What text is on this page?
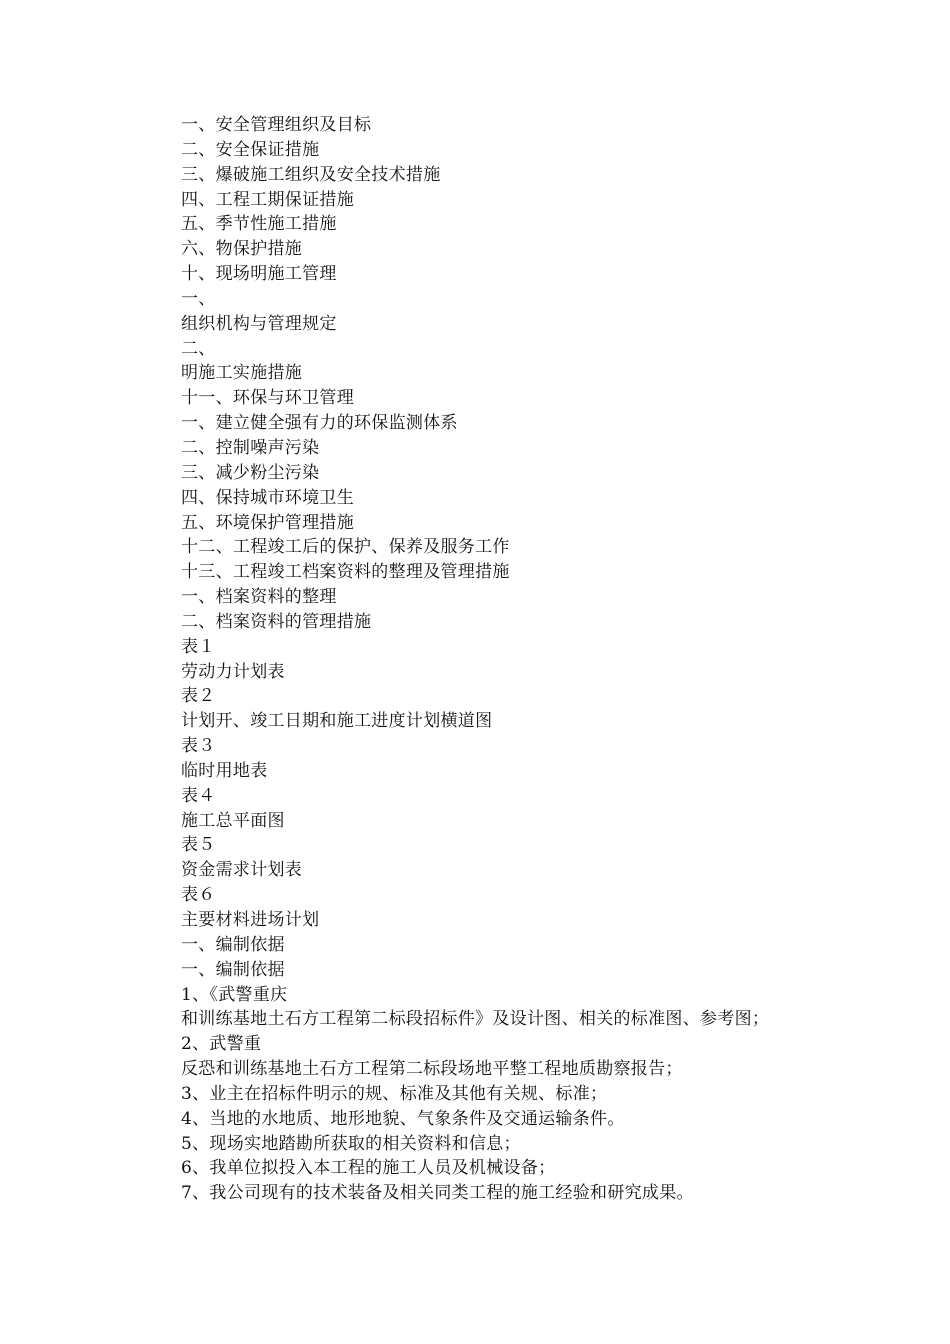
一、安全管理组织及目标
二、安全保证措施
三、爆破施工组织及安全技术措施
四、工程工期保证措施
五、季节性施工措施
六、物保护措施
十、现场明施工管理
一、
组织机构与管理规定
二、
明施工实施措施
十一、环保与环卫管理
一、建立健全强有力的环保监测体系
二、控制噪声污染
三、减少粉尘污染
四、保持城市环境卫生
五、环境保护管理措施
十二、工程竣工后的保护、保养及服务工作
十三、工程竣工档案资料的整理及管理措施
一、档案资料的整理
二、档案资料的管理措施
表１
劳动力计划表
表２
计划开、竣工日期和施工进度计划横道图
表３
临时用地表
表４
施工总平面图
表５
资金需求计划表
表６
主要材料进场计划
一、编制依据
一、编制依据
1、《武警重庆
和训练基地土石方工程第二标段招标件》及设计图、相关的标准图、参考图；
2、武警重
反恐和训练基地土石方工程第二标段场地平整工程地质勘察报告；
3、业主在招标件明示的规、标准及其他有关规、标准；
4、当地的水地质、地形地貌、气象条件及交通运输条件。
5、现场实地踏勘所获取的相关资料和信息；
6、我单位拟投入本工程的施工人员及机械设备；
7、我公司现有的技术装备及相关同类工程的施工经验和研究成果。
